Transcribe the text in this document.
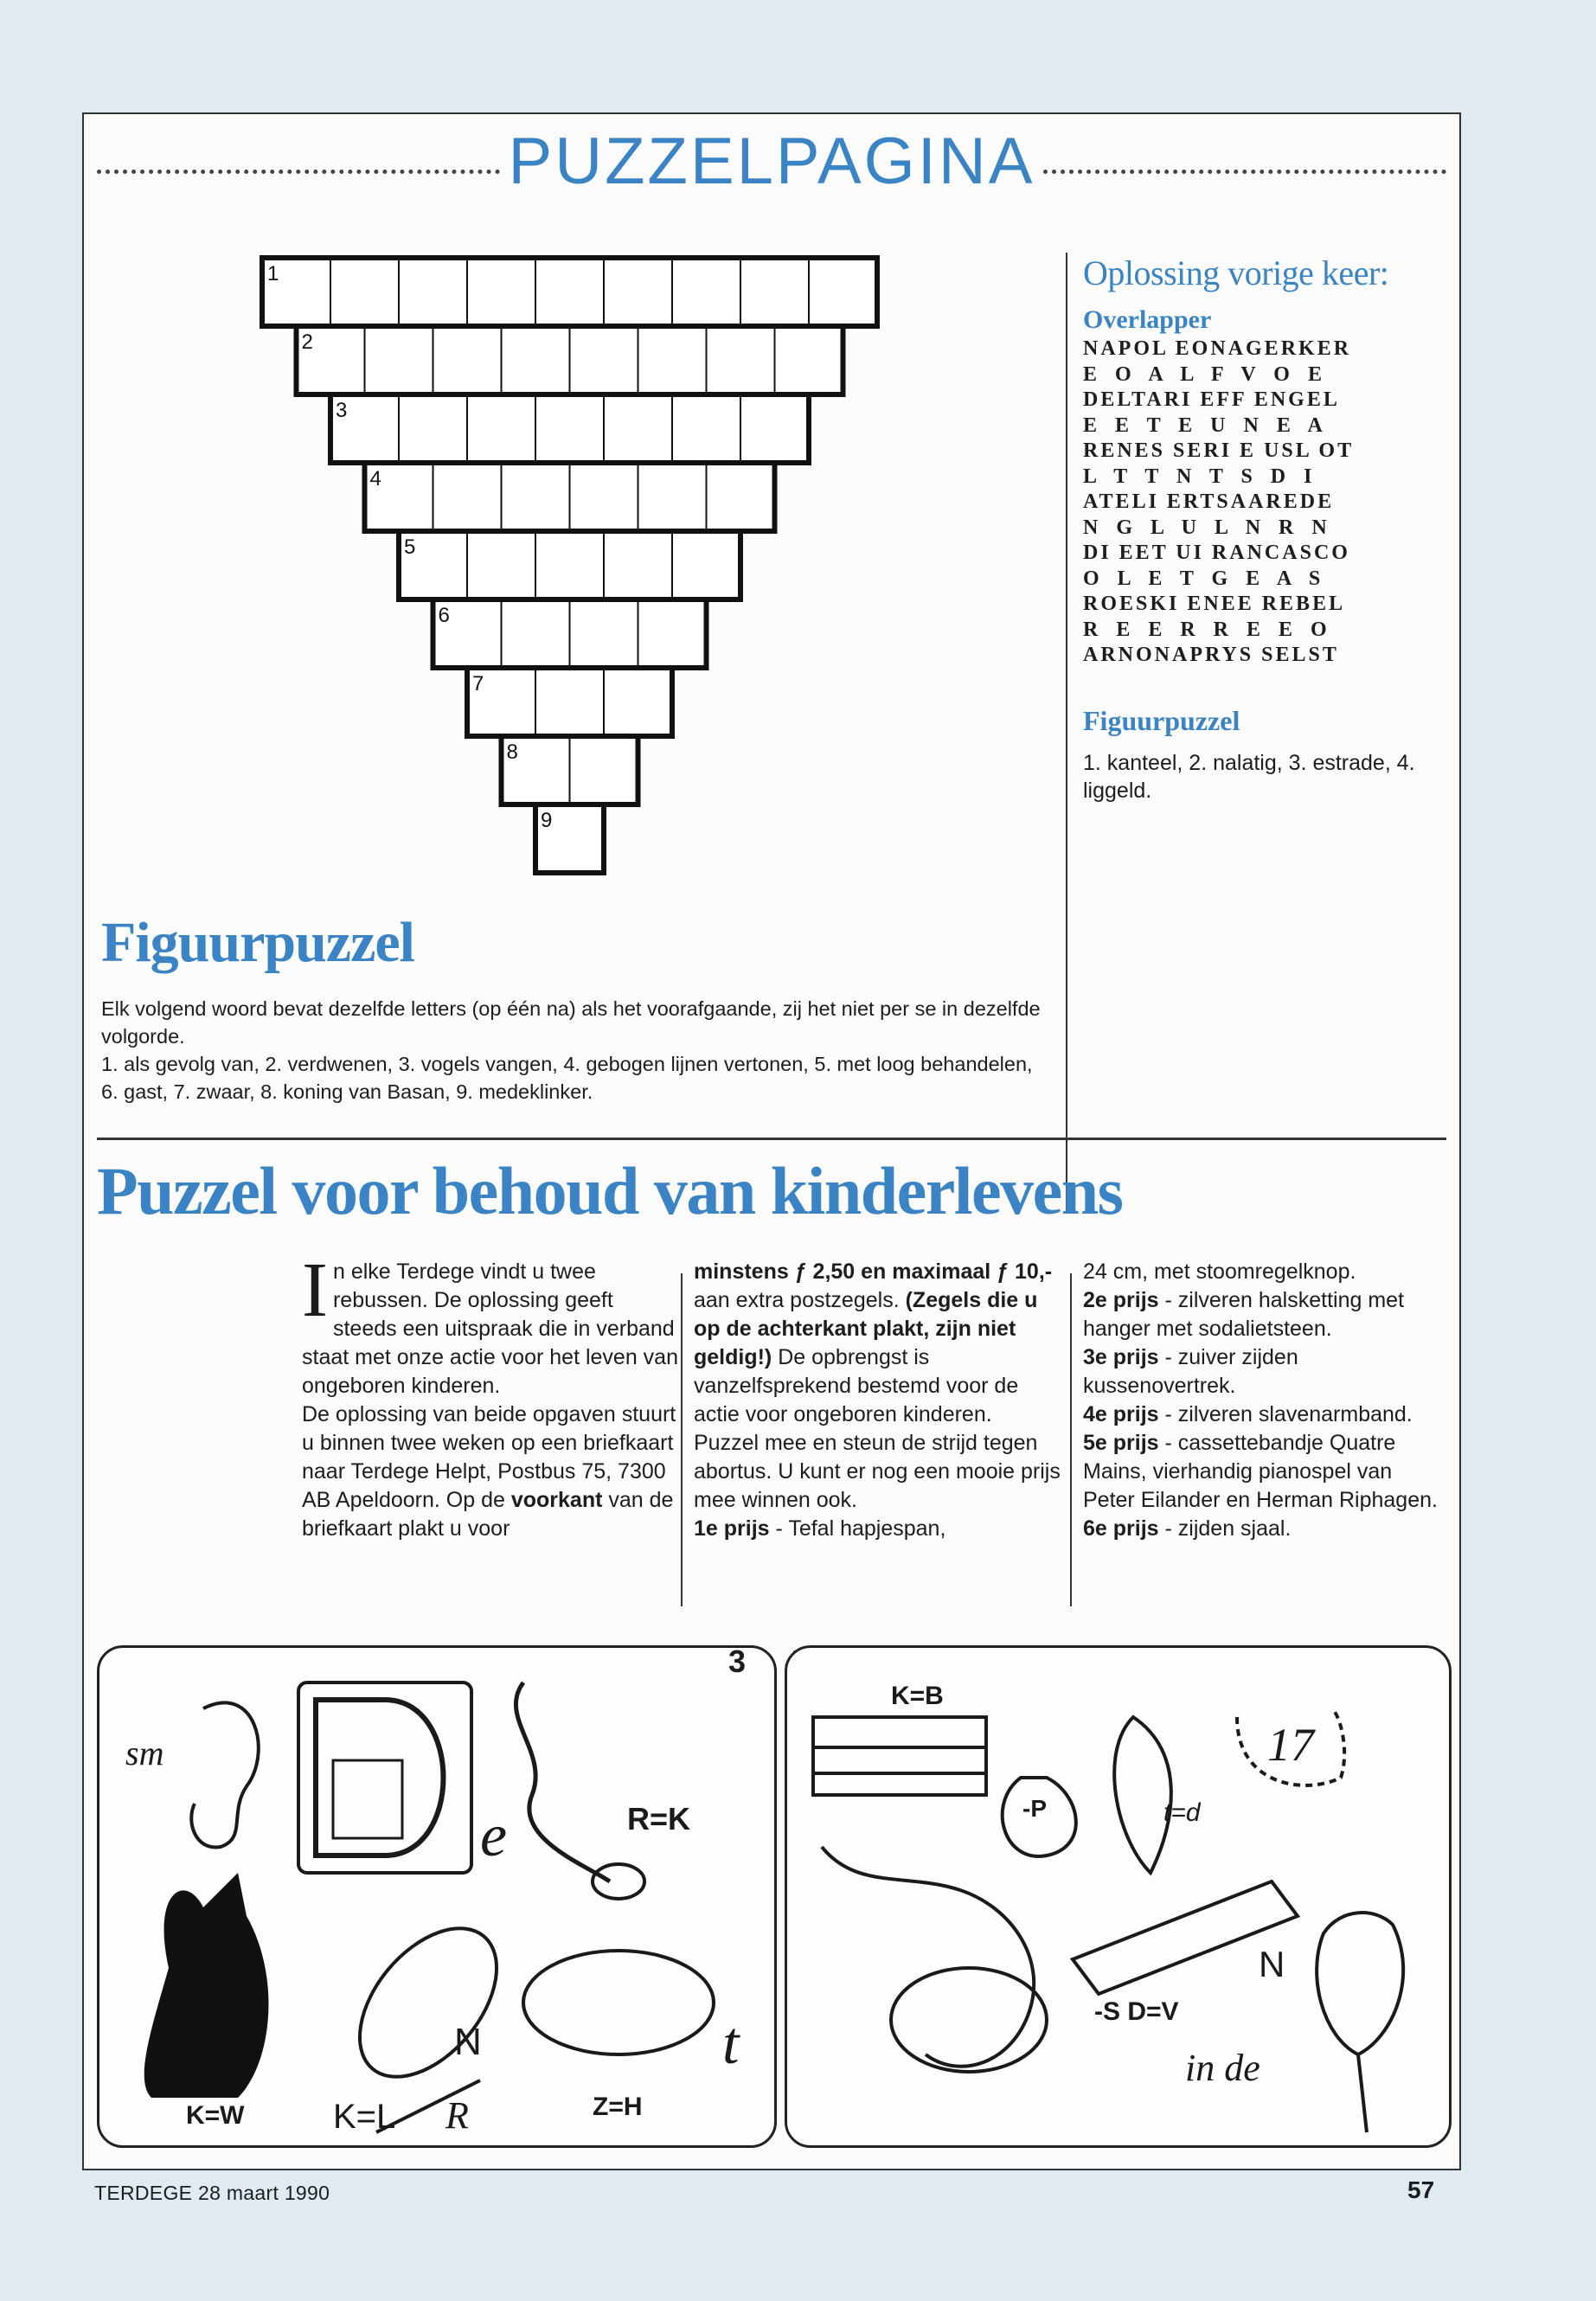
PUZZELPAGINA
1
2
3
4
5
6
7
8
9
Oplossing vorige keer:
Overlapper

NAPOL EONAGERKER

E  O  A  L  F  V  O  E

DELTARI EFF ENGEL

E  E  T  E  U  N  E  A

RENES SERI E USL OT

L  T  T  N  T  S  D  I

ATELI ERTSAAREDE

N  G  L  U  L  N  R  N

DI EET UI RANCASCO

O  L  E  T  G  E  A  S

ROESKI ENEE REBEL

R  E  E  R  R  E  E  O

ARNONAPRYS SELST

Figuurpuzzel

1. kanteel, 2. nalatig, 3. estrade, 4. liggeld.

Figuurpuzzel

Elk volgend woord bevat dezelfde letters (op één na) als het voorafgaande, zij het niet per se in dezelfde volgorde.

1. als gevolg van, 2. verdwenen, 3. vogels vangen, 4. gebogen lijnen vertonen, 5. met loog behandelen, 6. gast, 7. zwaar, 8. koning van Basan, 9. medeklinker.

Puzzel voor behoud van kinderlevens
I n elke Terdege vindt u twee rebussen. De oplossing geeft steeds een uitspraak die in verband staat met onze actie voor het leven van ongeboren kinderen.

De oplossing van beide opgaven stuurt u binnen twee weken op een briefkaart naar Terdege Helpt, Postbus 75, 7300 AB Apeldoorn. Op de voorkant van de briefkaart plakt u voor

minstens ƒ 2,50 en maximaal ƒ 10,- aan extra postzegels. (Zegels die u op de achterkant plakt, zijn niet geldig!) De opbrengst is vanzelfsprekend bestemd voor de actie voor ongeboren kinderen.

Puzzel mee en steun de strijd tegen abortus. U kunt er nog een mooie prijs mee winnen ook.

1e prijs - Tefal hapjespan,

24 cm, met stoomregelknop.

2e prijs - zilveren halsketting met hanger met sodalietsteen.

3e prijs - zuiver zijden kussenovertrek.

4e prijs - zilveren slavenarmband.

5e prijs - cassettebandje Quatre Mains, vierhandig pianospel van Peter Eilander en Herman Riphagen.

6e prijs - zijden sjaal.

sm
e	R=K
K=W	K=L R
N
Z=H
t
3
K=B
-P	t=d
17
-S D=V
N
in de
TERDEGE 28 maart 1990	57
